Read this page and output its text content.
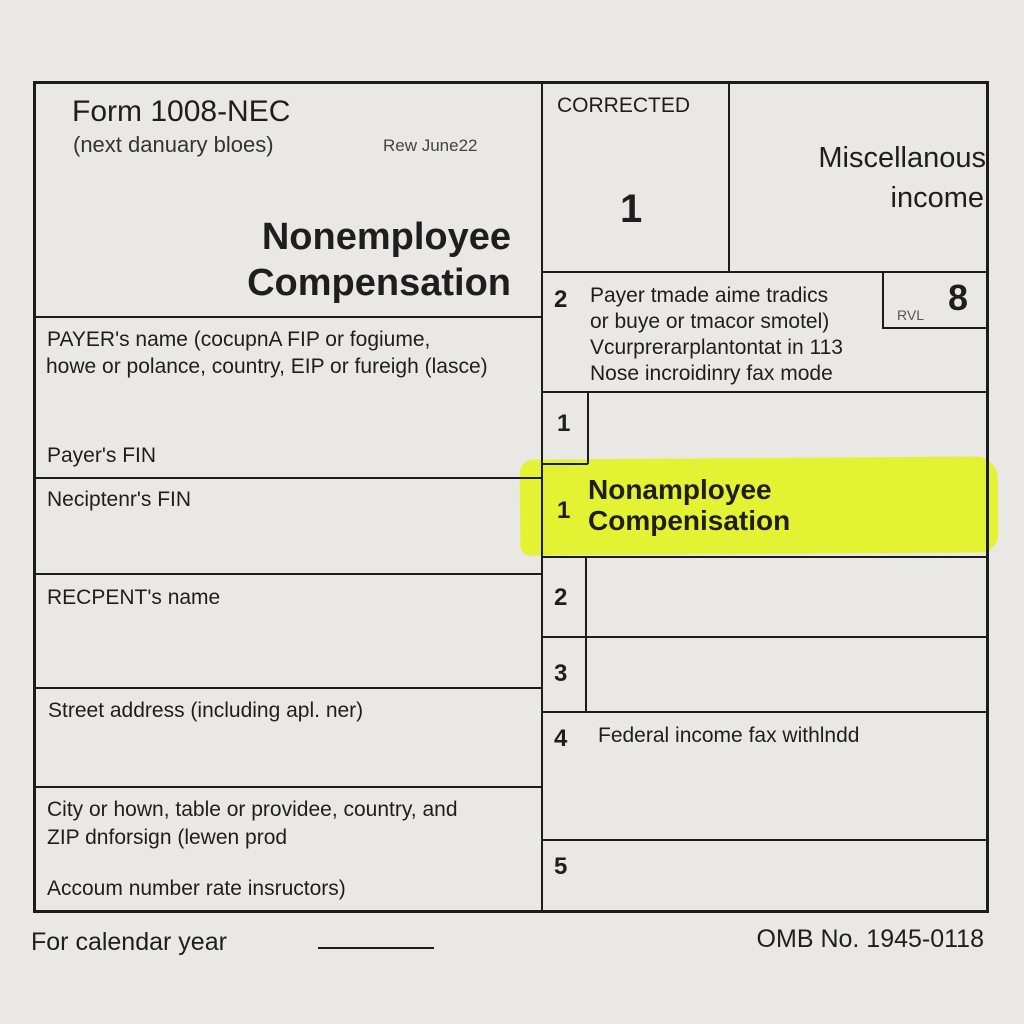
Form 1008-NEC
(next danuary bloes)	Rew June22
Nonemployee
Compensation
CORRECTED
1
Miscellanous
income
PAYER's name (cocupnA FIP or fogiume,
howe or polance, country, EIP or fureigh (lasce)
Payer's FIN
Neciptenr's FIN
RECPENT's name
Street address (including apl. ner)
City or hown, table or providee, country, and
ZIP dnforsign (lewen prod
Accoum number rate insructors)
2 Payer tmade aime tradics
or buye or tmacor smotel)
Vcurprerarplantontat in 113
Nose incroidinry fax mode
8
RVL
1
1
Nonamployee
Compenisation
2
3
4 Federal income fax withlndd
5
For calendar year	OMB No. 1945-0118
